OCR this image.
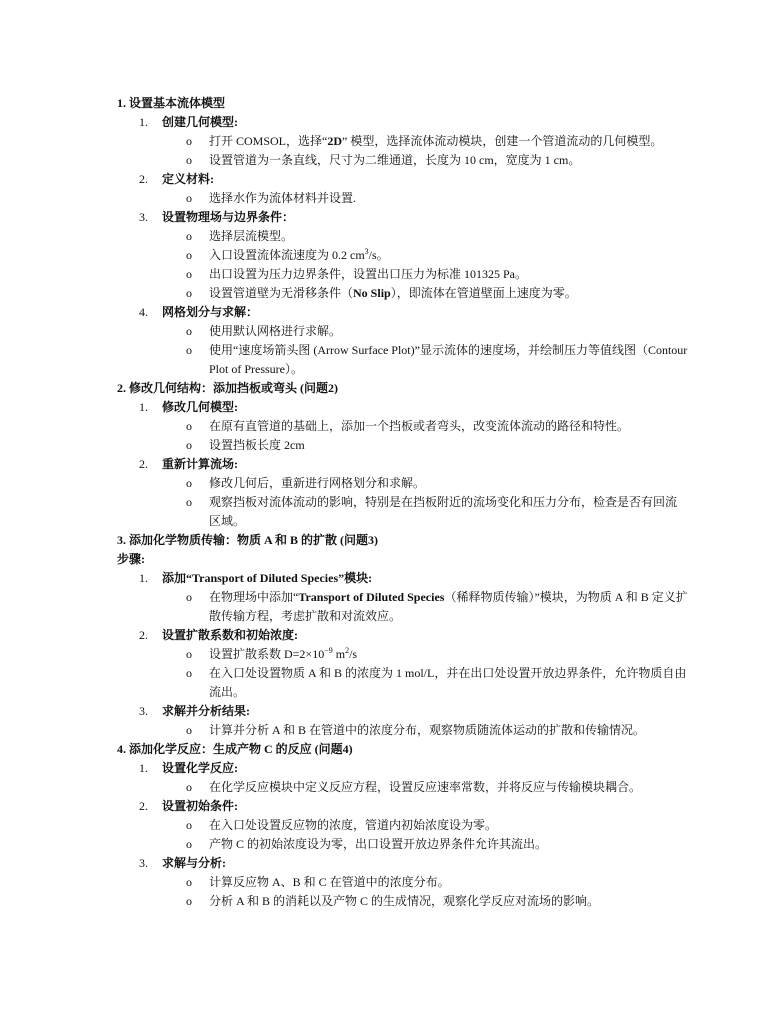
1. 设置基本流体模型
1. 创建几何模型:
o 打开 COMSOL，选择“2D” 模型，选择流体流动模块，创建一个管道流动的几何模型。
o 设置管道为一条直线，尺寸为二维通道，长度为 10 cm，宽度为 1 cm。
2. 定义材料:
o 选择水作为流体材料并设置.
3. 设置物理场与边界条件：
o 选择层流模型。
o 入口设置流体流速度为 0.2 $cm^3/s$。
o 出口设置为压力边界条件，设置出口压力为标准 101325 Pa。
o 设置管道壁为无滑移条件（No Slip），即流体在管道壁面上速度为零。
4. 网格划分与求解：
o 使用默认网格进行求解。
o 使用“速度场箭头图 (Arrow Surface Plot)”显示流体的速度场，并绘制压力等值线图（Contour Plot of Pressure）。
2. 修改几何结构：添加挡板或弯头 (问题2)
1. 修改几何模型:
o 在原有直管道的基础上，添加一个挡板或者弯头，改变流体流动的路径和特性。
o 设置挡板长度 2cm
2. 重新计算流场:
o 修改几何后，重新进行网格划分和求解。
o 观察挡板对流体流动的影响，特别是在挡板附近的流场变化和压力分布，检查是否有回流区域。
3. 添加化学物质传输：物质 A 和 B 的扩散 (问题3)
步骤:
1. 添加“Transport of Diluted Species”模块:
o 在物理场中添加“Transport of Diluted Species（稀释物质传输）”模块，为物质 A 和 B 定义扩散传输方程，考虑扩散和对流效应。
2. 设置扩散系数和初始浓度:
o 设置扩散系数 $D=2\times 10^{-9}$ $m^2/s$
o 在入口处设置物质 A 和 B 的浓度为 1 mol/L，并在出口处设置开放边界条件，允许物质自由流出。
3. 求解并分析结果:
o 计算并分析 A 和 B 在管道中的浓度分布，观察物质随流体运动的扩散和传输情况。
4. 添加化学反应：生成产物 C 的反应 (问题4)
1. 设置化学反应:
o 在化学反应模块中定义反应方程，设置反应速率常数，并将反应与传输模块耦合。
2. 设置初始条件:
o 在入口处设置反应物的浓度，管道内初始浓度设为零。
o 产物 C 的初始浓度设为零，出口设置开放边界条件允许其流出。
3. 求解与分析:
o 计算反应物 A、B 和 C 在管道中的浓度分布。
o 分析 A 和 B 的消耗以及产物 C 的生成情况，观察化学反应对流场的影响。
